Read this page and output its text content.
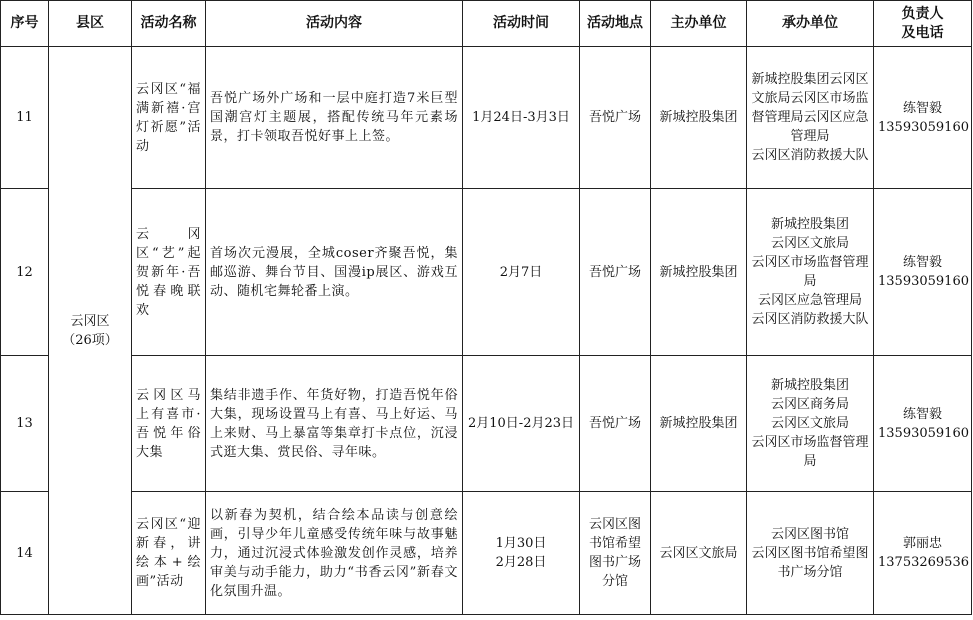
序号	县区	活动名称	活动内容	活动时间	活动地点	主办单位	承办单位	负责人
及电话

11	云冈区
（26项）	云冈区“福满新禧·宫灯祈愿”活动	吾悦广场外广场和一层中庭打造7米巨型国潮宫灯主题展，搭配传统马年元素场景，打卡领取吾悦好事上上签。	1月24日-3月3日	吾悦广场	新城控股集团	新城控股集团云冈区文旅局云冈区市场监督管理局云冈区应急管理局
云冈区消防救援大队	练智毅
13593059160

12		云冈区“艺”起贺新年·吾悦春晚联欢	首场次元漫展，全城coser齐聚吾悦，集邮巡游、舞台节目、国漫ip展区、游戏互动、随机宅舞轮番上演。	2月7日	吾悦广场	新城控股集团	新城控股集团
云冈区文旅局
云冈区市场监督管理局
云冈区应急管理局
云冈区消防救援大队	练智毅
13593059160

13		云冈区马上有喜市·吾悦年俗大集	集结非遗手作、年货好物，打造吾悦年俗大集，现场设置马上有喜、马上好运、马上来财、马上暴富等集章打卡点位，沉浸式逛大集、赏民俗、寻年味。	2月10日-2月23日	吾悦广场	新城控股集团	新城控股集团
云冈区商务局
云冈区文旅局
云冈区市场监督管理局	练智毅
13593059160

14		云冈区“迎新春，讲绘本+绘画”活动	以新春为契机，结合绘本品读与创意绘画，引导少年儿童感受传统年味与故事魅力，通过沉浸式体验激发创作灵感，培养审美与动手能力，助力“书香云冈”新春文化氛围升温。	1月30日
2月28日	云冈区图书馆希望图书广场分馆	云冈区文旅局	云冈区图书馆
云冈区图书馆希望图书广场分馆	郭丽忠
13753269536
